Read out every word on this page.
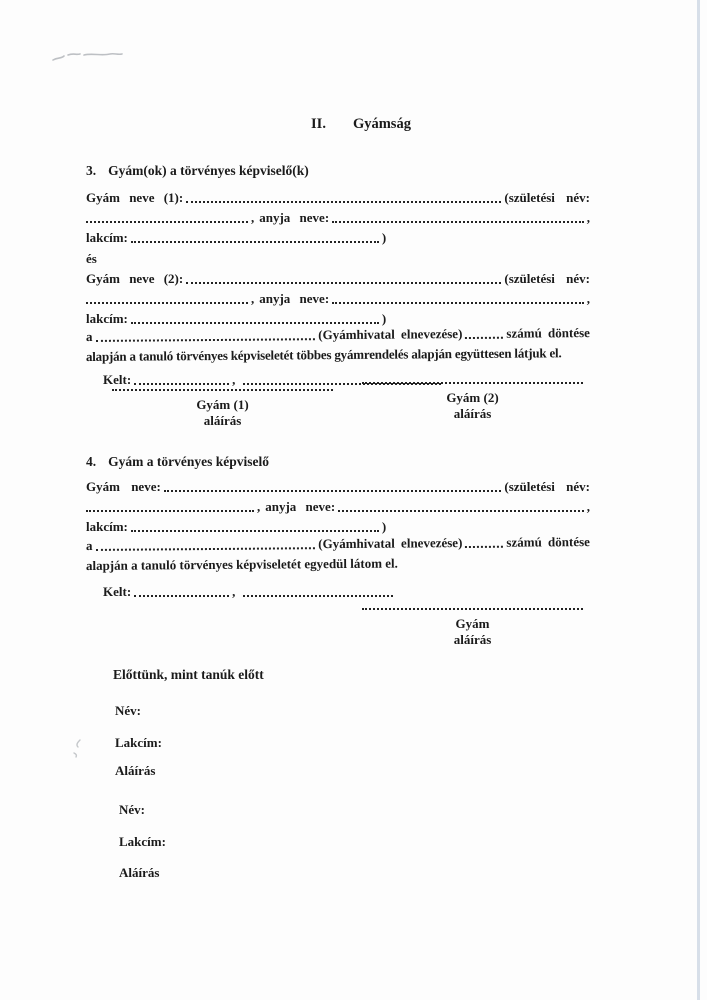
II. Gyámság
3. Gyám(ok) a törvényes képviselő(k)
Gyám neve (1):	(születési név:
, anyja neve:	,
lakcím:	)
és
Gyám neve (2):	(születési név:
, anyja neve:	,
lakcím:	)
a	(Gyámhivatal elnevezése)	számú döntése
alapján a tanuló törvényes képviseletét többes gyámrendelés alapján együttesen látjuk el.
Kelt:	,
Gyám (1)
aláírás
Gyám (2)
aláírás
4. Gyám a törvényes képviselő
Gyám neve:	(születési név:
, anyja neve:	,
lakcím:	)
a	(Gyámhivatal elnevezése)	számú döntése
alapján a tanuló törvényes képviseletét egyedül látom el.
Kelt:	,
Gyám
aláírás
Előttünk, mint tanúk előtt
Név:
Lakcím:
Aláírás
Név:
Lakcím:
Aláírás
